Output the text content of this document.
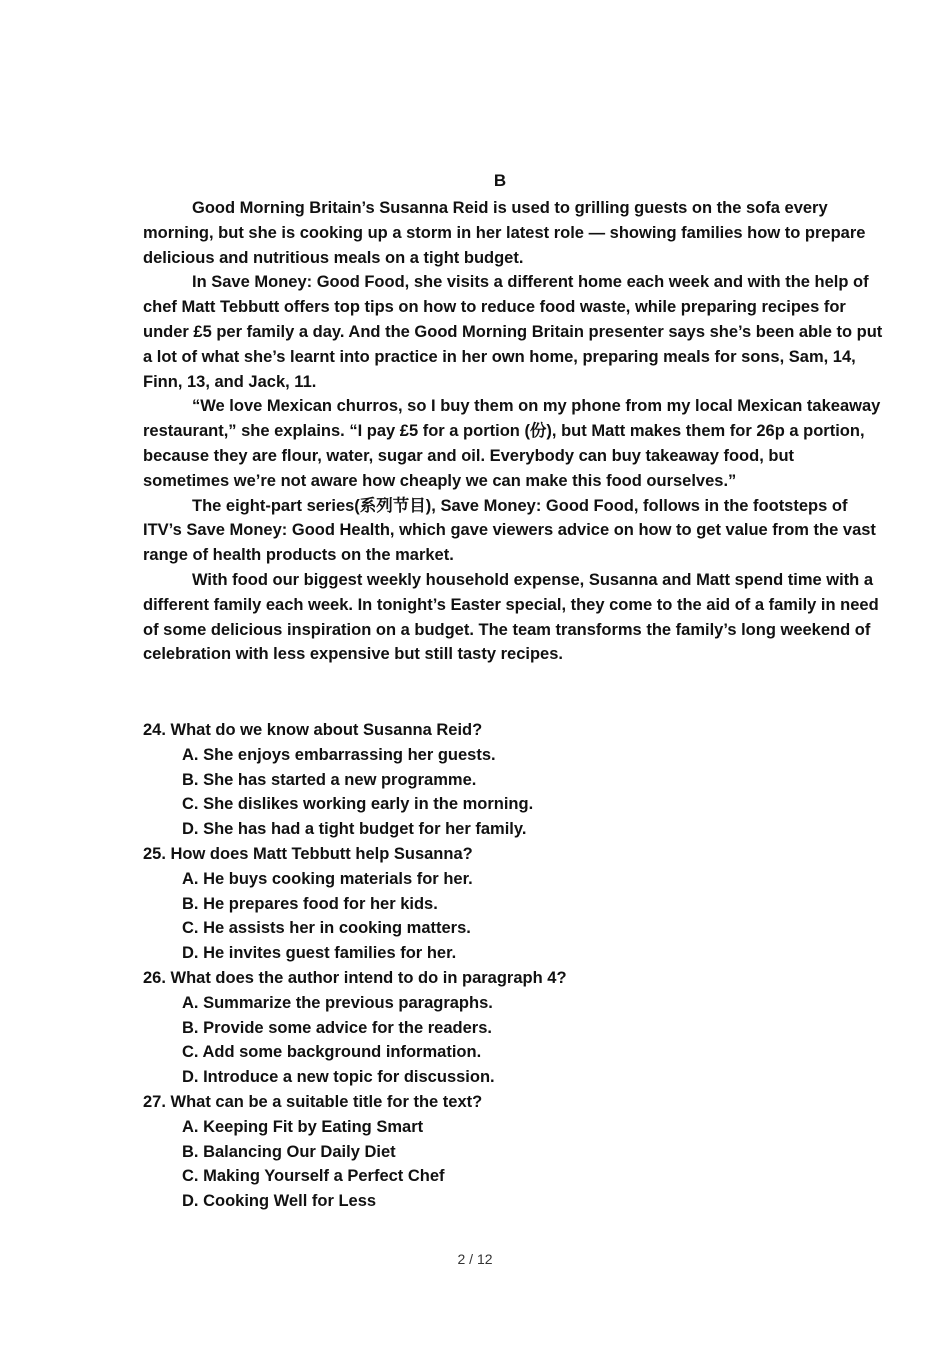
B

Good Morning Britain’s Susanna Reid is used to grilling guests on the sofa every morning, but she is cooking up a storm in her latest role — showing families how to prepare delicious and nutritious meals on a tight budget.

In Save Money: Good Food, she visits a different home each week and with the help of chef Matt Tebbutt offers top tips on how to reduce food waste, while preparing recipes for under £5 per family a day. And the Good Morning Britain presenter says she’s been able to put a lot of what she’s learnt into practice in her own home, preparing meals for sons, Sam, 14, Finn, 13, and Jack, 11.

“We love Mexican churros, so I buy them on my phone from my local Mexican takeaway restaurant,” she explains. “I pay £5 for a portion (份), but Matt makes them for 26p a portion, because they are flour, water, sugar and oil. Everybody can buy takeaway food, but sometimes we’re not aware how cheaply we can make this food ourselves.”

The eight-part series(系列节目), Save Money: Good Food, follows in the footsteps of ITV’s Save Money: Good Health, which gave viewers advice on how to get value from the vast range of health products on the market.

With food our biggest weekly household expense, Susanna and Matt spend time with a different family each week. In tonight’s Easter special, they come to the aid of a family in need of some delicious inspiration on a budget. The team transforms the family’s long weekend of celebration with less expensive but still tasty recipes.

24. What do we know about Susanna Reid?
A. She enjoys embarrassing her guests.
B. She has started a new programme.
C. She dislikes working early in the morning.
D. She has had a tight budget for her family.
25. How does Matt Tebbutt help Susanna?
A. He buys cooking materials for her.
B. He prepares food for her kids.
C. He assists her in cooking matters.
D. He invites guest families for her.
26. What does the author intend to do in paragraph 4?
A. Summarize the previous paragraphs.
B. Provide some advice for the readers.
C. Add some background information.
D. Introduce a new topic for discussion.
27. What can be a suitable title for the text?
A. Keeping Fit by Eating Smart
B. Balancing Our Daily Diet
C. Making Yourself a Perfect Chef
D. Cooking Well for Less
2 / 12
